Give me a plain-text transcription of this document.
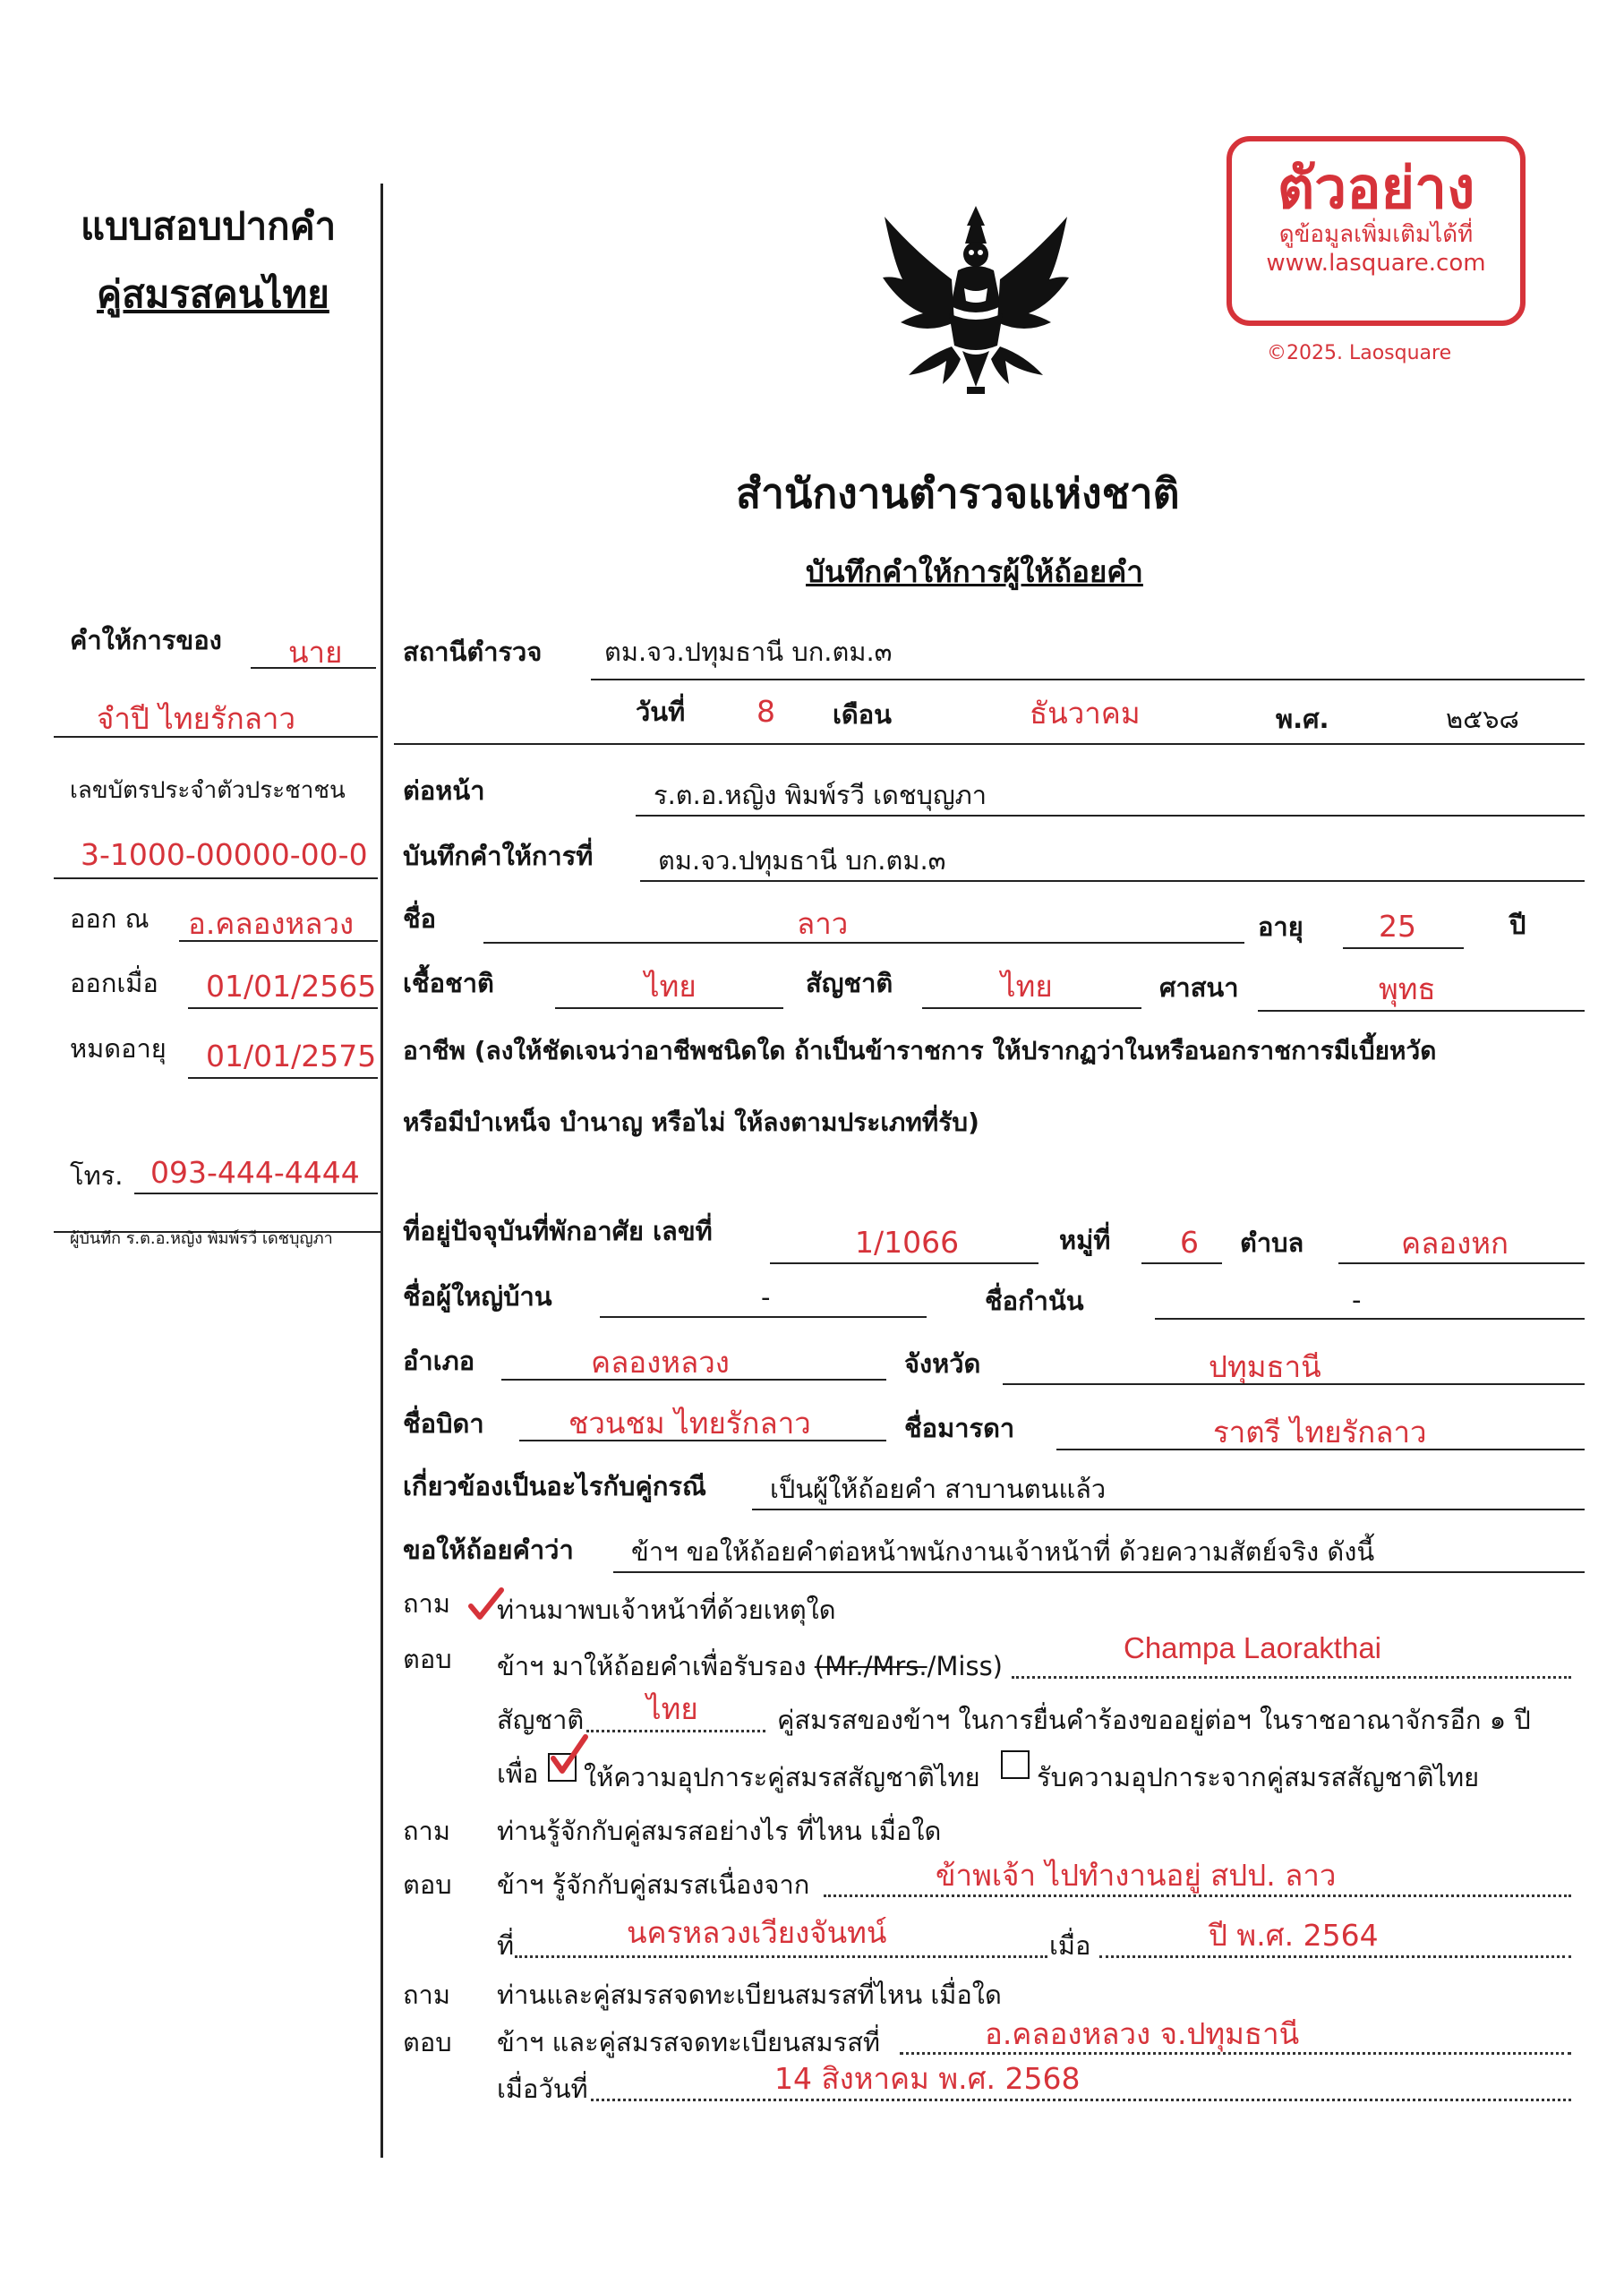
แบบสอบปากคำ
คู่สมรสคนไทย
คำให้การของ นาย
จำปี ไทยรักลาว
เลขบัตรประจำตัวประชาชน
3-1000-00000-00-0
ออก ณ อ.คลองหลวง
ออกเมื่อ 01/01/2565
หมดอายุ 01/01/2575
โทร. 093-444-4444
ผู้บันทึก ร.ต.อ.หญิง พิมพ์รวี เดชบุญภา
ตัวอย่าง
ดูข้อมูลเพิ่มเติมได้ที่
www.lasquare.com
©2025. Laosquare
สำนักงานตำรวจแห่งชาติ
บันทึกคำให้การผู้ให้ถ้อยคำ
สถานีตำรวจ ตม.จว.ปทุมธานี บก.ตม.๓
วันที่ 8 เดือน	ธันวาคม	พ.ศ.	๒๕๖๘
ต่อหน้า	ร.ต.อ.หญิง พิมพ์รวี เดชบุญภา
บันทึกคำให้การที่	ตม.จว.ปทุมธานี บก.ตม.๓
ชื่อ	ลาว	อายุ	25	ปี
เชื้อชาติ	ไทย	สัญชาติ	ไทย	ศาสนา	พุทธ
อาชีพ (ลงให้ชัดเจนว่าอาชีพชนิดใด ถ้าเป็นข้าราชการ ให้ปรากฏว่าในหรือนอกราชการมีเบี้ยหวัด
หรือมีบำเหน็จ บำนาญ หรือไม่ ให้ลงตามประเภทที่รับ)
ที่อยู่ปัจจุบันที่พักอาศัย เลขที่	1/1066	หมู่ที่ 6 ตำบล	คลองหก
ชื่อผู้ใหญ่บ้าน	-	ชื่อกำนัน	-
อำเภอ	คลองหลวง	จังหวัด	ปทุมธานี
ชื่อบิดา	ชวนชม ไทยรักลาว	ชื่อมารดา	ราตรี ไทยรักลาว
เกี่ยวข้องเป็นอะไรกับคู่กรณี เป็นผู้ให้ถ้อยคำ สาบานตนแล้ว
ขอให้ถ้อยคำว่า ข้าฯ ขอให้ถ้อยคำต่อหน้าพนักงานเจ้าหน้าที่ ด้วยความสัตย์จริง ดังนี้
ถาม ท่านมาพบเจ้าหน้าที่ด้วยเหตุใด
ตอบ ข้าฯ มาให้ถ้อยคำเพื่อรับรอง (Mr./Mrs./Miss)
Champa Laorakthai
สัญชาติ ไทย	คู่สมรสของข้าฯ ในการยื่นคำร้องขออยู่ต่อฯ ในราชอาณาจักรอีก ๑ ปี
เพื่อ ให้ความอุปการะคู่สมรสสัญชาติไทย รับความอุปการะจากคู่สมรสสัญชาติไทย
ถาม ท่านรู้จักกับคู่สมรสอย่างไร ที่ไหน เมื่อใด
ตอบ ข้าฯ รู้จักกับคู่สมรสเนื่องจาก	ข้าพเจ้า ไปทำงานอยู่ สปป. ลาว
ที่	นครหลวงเวียงจันทน์	เมื่อ	ปี พ.ศ. 2564
ถาม ท่านและคู่สมรสจดทะเบียนสมรสที่ไหน เมื่อใด
ตอบ ข้าฯ และคู่สมรสจดทะเบียนสมรสที่	อ.คลองหลวง จ.ปทุมธานี
เมื่อวันที่	14 สิงหาคม พ.ศ. 2568
